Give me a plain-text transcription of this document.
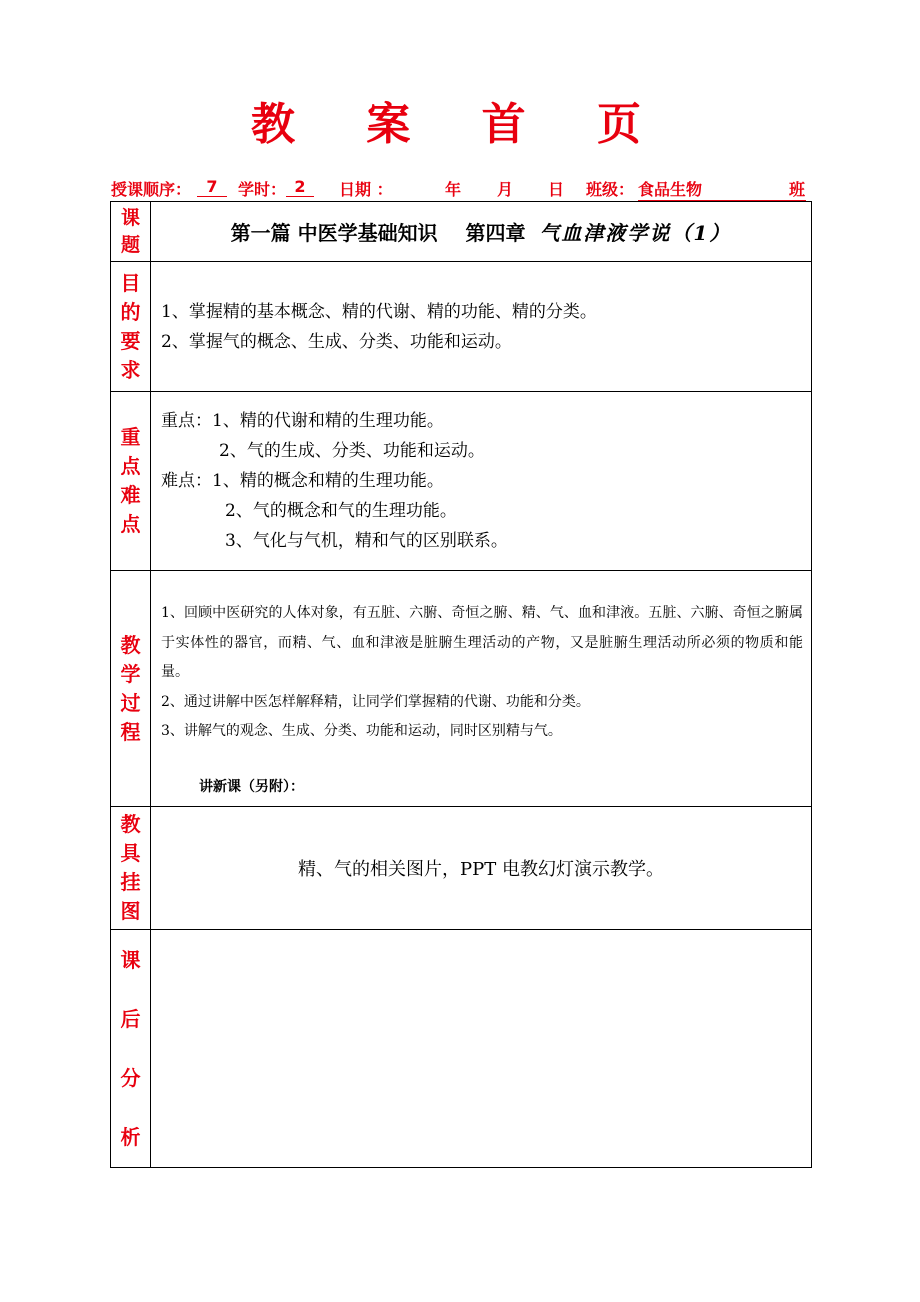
教 案 首 页
授课顺序： 7	学时： 2	日期 ：	年 月 日 班级： 食品生物	班
课题	第一篇 中医学基础知识 第四章 气血津液学说（1）

目的要求	1、掌握精的基本概念、精的代谢、精的功能、精的分类。
2、掌握气的概念、生成、分类、功能和运动。

重点难点	重点：1、精的代谢和精的生理功能。
2、气的生成、分类、功能和运动。
难点：1、精的概念和精的生理功能。
2、气的概念和气的生理功能。
3、气化与气机，精和气的区别联系。

教学过程	1、回顾中医研究的人体对象，有五脏、六腑、奇恒之腑、精、气、血和津液。五脏、六腑、奇恒之腑属于实体性的器官，而精、气、血和津液是脏腑生理活动的产物，又是脏腑生理活动所必须的物质和能量。

2、通过讲解中医怎样解释精，让同学们掌握精的代谢、功能和分类。

3、讲解气的观念、生成、分类、功能和运动，同时区别精与气。

讲新课（另附）：

教具挂图	精、气的相关图片，PPT 电教幻灯演示教学。

课后分析	
